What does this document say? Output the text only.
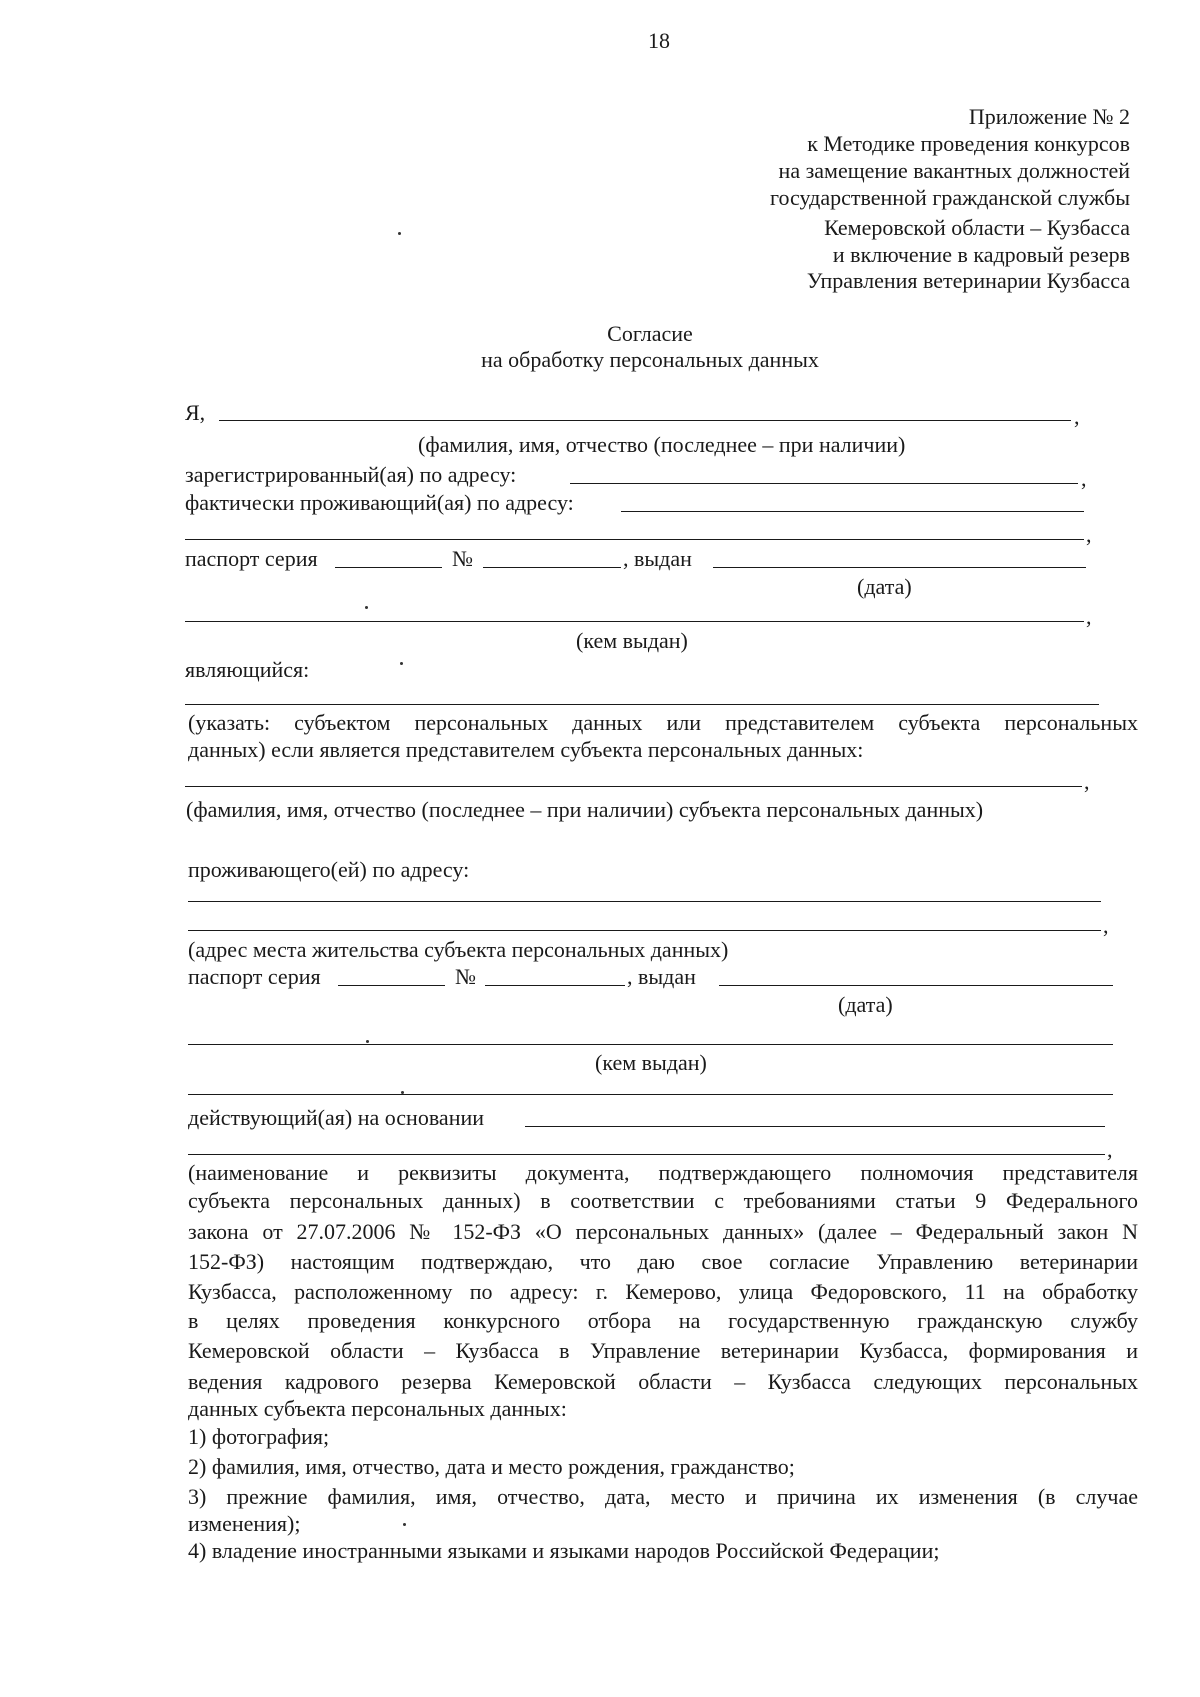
18
Приложение № 2
к Методике проведения конкурсов
на замещение вакантных должностей
государственной гражданской службы
Кемеровской области – Кузбасса
и включение в кадровый резерв
Управления ветеринарии Кузбасса
Согласие
на обработку персональных данных
Я,	,
(фамилия, имя, отчество (последнее – при наличии)
зарегистрированный(ая) по адресу:	,
фактически проживающий(ая) по адресу:
,
паспорт серия	№	, выдан
(дата)
,
(кем выдан)
являющийся:
(указать: субъектом персональных данных или представителем субъекта персональных
данных) если является представителем субъекта персональных данных:
,
(фамилия, имя, отчество (последнее – при наличии) субъекта персональных данных)
проживающего(ей) по адресу:
,
(адрес места жительства субъекта персональных данных)
паспорт серия	№	, выдан
(дата)
(кем выдан)
действующий(ая) на основании
,
(наименование и реквизиты документа, подтверждающего полномочия представителя
субъекта персональных данных) в соответствии с требованиями статьи 9 Федерального
закона от 27.07.2006 № 152-ФЗ «О персональных данных» (далее – Федеральный закон N
152-ФЗ) настоящим подтверждаю, что даю свое согласие Управлению ветеринарии
Кузбасса, расположенному по адресу: г. Кемерово, улица Федоровского, 11 на обработку
в целях проведения конкурсного отбора на государственную гражданскую службу
Кемеровской области – Кузбасса в Управление ветеринарии Кузбасса, формирования и
ведения кадрового резерва Кемеровской области – Кузбасса следующих персональных
данных субъекта персональных данных:
1) фотография;
2) фамилия, имя, отчество, дата и место рождения, гражданство;
3) прежние фамилия, имя, отчество, дата, место и причина их изменения (в случае
изменения);
4) владение иностранными языками и языками народов Российской Федерации;
